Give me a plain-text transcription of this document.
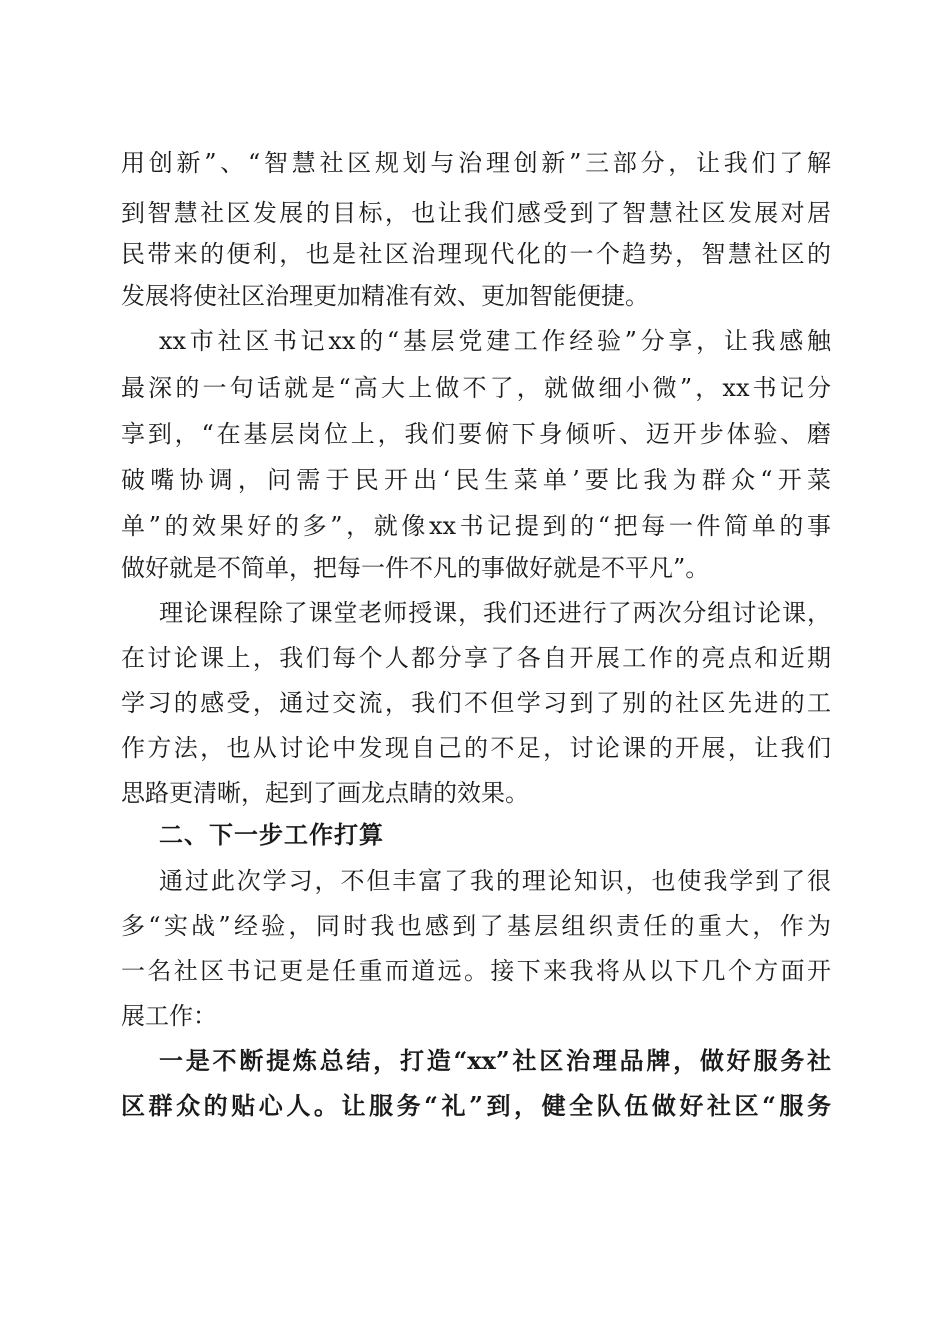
用创新”、“智慧社区规划与治理创新”三部分，让我们了解
到智慧社区发展的目标，也让我们感受到了智慧社区发展对居
民带来的便利，也是社区治理现代化的一个趋势，智慧社区的
发展将使社区治理更加精准有效、更加智能便捷。
xx市社区书记xx的“基层党建工作经验”分享，让我感触
最深的一句话就是“高大上做不了，就做细小微”，xx书记分
享到，“在基层岗位上，我们要俯下身倾听、迈开步体验、磨
破嘴协调，问需于民开出‘民生菜单’要比我为群众“开菜
单”的效果好的多”，就像xx书记提到的“把每一件简单的事
做好就是不简单，把每一件不凡的事做好就是不平凡”。
理论课程除了课堂老师授课，我们还进行了两次分组讨论课，
在讨论课上，我们每个人都分享了各自开展工作的亮点和近期
学习的感受，通过交流，我们不但学习到了别的社区先进的工
作方法，也从讨论中发现自己的不足，讨论课的开展，让我们
思路更清晰，起到了画龙点睛的效果。
二、下一步工作打算
通过此次学习，不但丰富了我的理论知识，也使我学到了很
多“实战”经验，同时我也感到了基层组织责任的重大，作为
一名社区书记更是任重而道远。接下来我将从以下几个方面开
展工作：
一是不断提炼总结，打造“xx”社区治理品牌，做好服务社
区群众的贴心人。让服务“礼”到，健全队伍做好社区“服务
